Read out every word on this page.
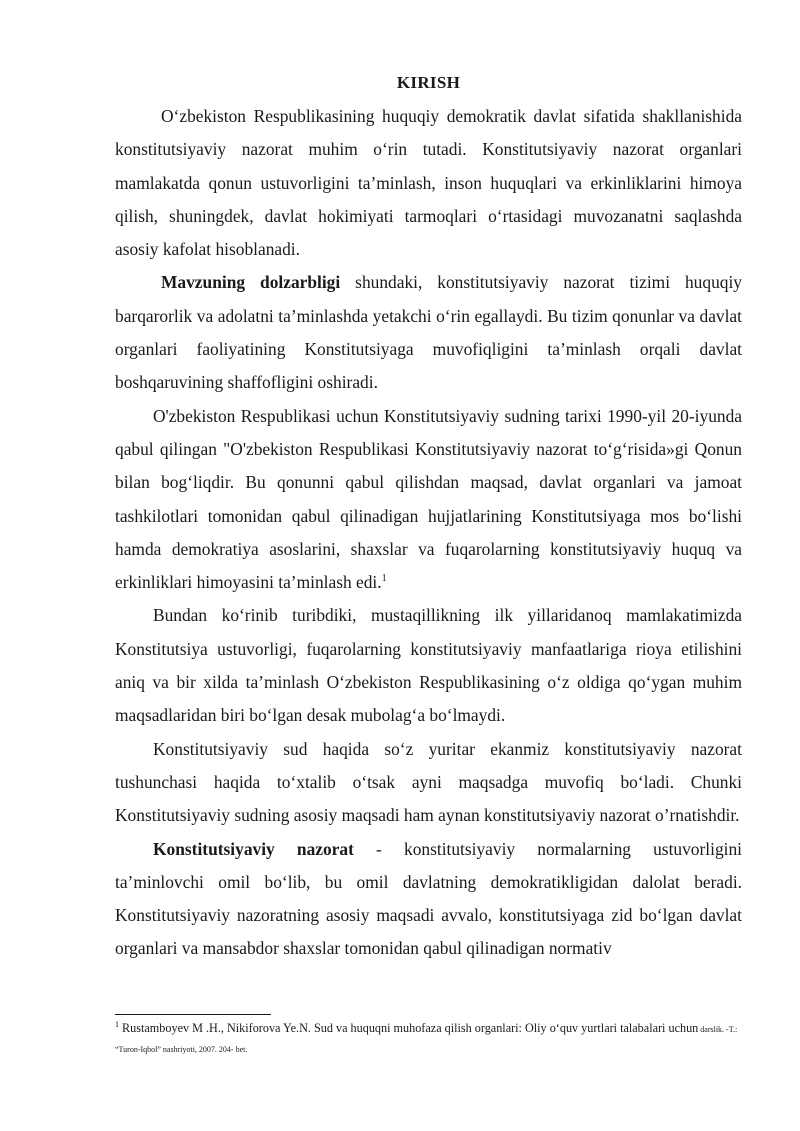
KIRISH

O‘zbekiston Respublikasining huquqiy demokratik davlat sifatida shakllanishida konstitutsiyaviy nazorat muhim o‘rin tutadi. Konstitutsiyaviy nazorat organlari mamlakatda qonun ustuvorligini ta’minlash, inson huquqlari va erkinliklarini himoya qilish, shuningdek, davlat hokimiyati tarmoqlari o‘rtasidagi muvozanatni saqlashda asosiy kafolat hisoblanadi.

Mavzuning dolzarbligi shundaki, konstitutsiyaviy nazorat tizimi huquqiy barqarorlik va adolatni ta’minlashda yetakchi o‘rin egallaydi. Bu tizim qonunlar va davlat organlari faoliyatining Konstitutsiyaga muvofiqligini ta’minlash orqali davlat boshqaruvining shaffofligini oshiradi.

O'zbekiston Respublikasi uchun Konstitutsiyaviy sudning tarixi 1990-yil 20-iyunda qabul qilingan "O'zbekiston Respublikasi Konstitutsiyaviy nazorat to‘g‘risida»gi Qonun bilan bog‘liqdir. Bu qonunni qabul qilishdan maqsad, davlat organlari va jamoat tashkilotlari tomonidan qabul qilinadigan hujjatlarining Konstitutsiyaga mos bo‘lishi hamda demokratiya asoslarini, shaxslar va fuqarolarning konstitutsiyaviy huquq va erkinliklari himoyasini ta’minlash edi.$^1$

Bundan ko‘rinib turibdiki, mustaqillikning ilk yillaridanoq mamlakatimizda Konstitutsiya ustuvorligi, fuqarolarning konstitutsiyaviy manfaatlariga rioya etilishini aniq va bir xilda ta’minlash O‘zbekiston Respublikasining o‘z oldiga qo‘ygan muhim maqsadlaridan biri bo‘lgan desak mubolag‘a bo‘lmaydi.

Konstitutsiyaviy sud haqida so‘z yuritar ekanmiz konstitutsiyaviy nazorat tushunchasi haqida to‘xtalib o‘tsak ayni maqsadga muvofiq bo‘ladi. Chunki Konstitutsiyaviy sudning asosiy maqsadi ham aynan konstitutsiyaviy nazorat o’rnatishdir.

Konstitutsiyaviy nazorat - konstitutsiyaviy normalarning ustuvorligini ta’minlovchi omil bo‘lib, bu omil davlatning demokratikligidan dalolat beradi. Konstitutsiyaviy nazoratning asosiy maqsadi avvalo, konstitutsiyaga zid bo‘lgan davlat organlari va mansabdor shaxslar tomonidan qabul qilinadigan normativ

$^1$ Rustamboyev M .H., Nikiforova Ye.N. Sud va huquqni muhofaza qilish organlari: Oliy o‘quv yurtlari talabalari uchun darslik. -T.: “Turon-Iqbol” nashriyoti, 2007. 204- bet.
